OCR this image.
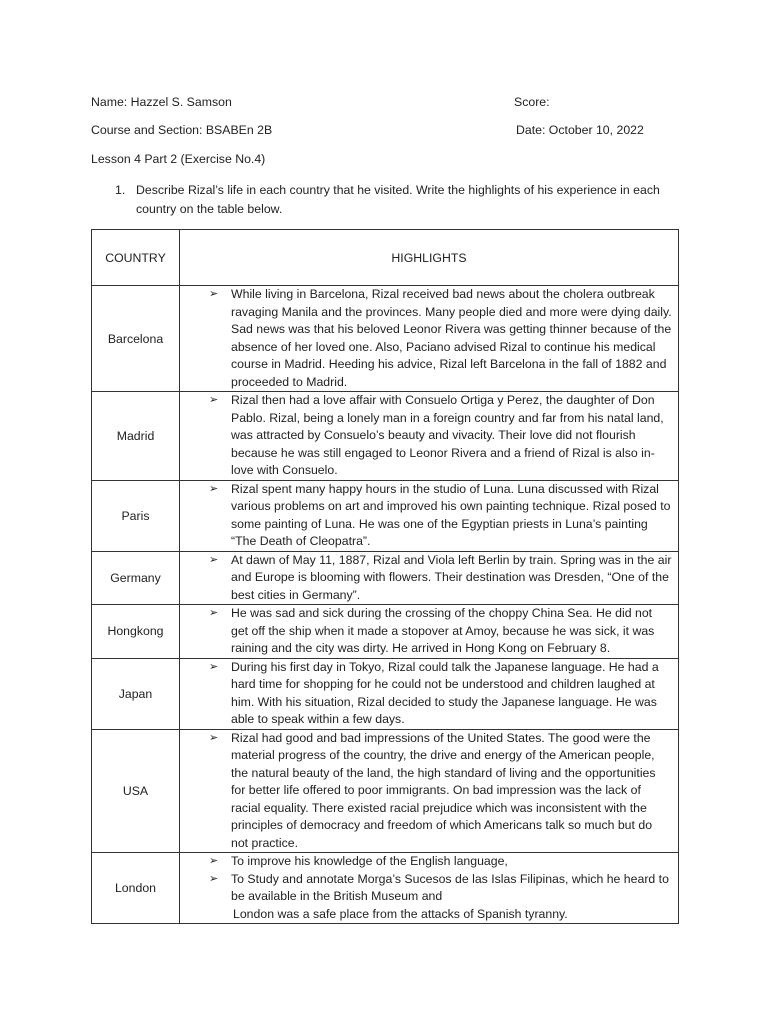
Name: Hazzel S. Samson	Score:
Course and Section: BSABEn 2B	Date: October 10, 2022
Lesson 4 Part 2 (Exercise No.4)
1. Describe Rizal’s life in each country that he visited. Write the highlights of his experience in each country on the table below.
COUNTRY	HIGHLIGHTS
Barcelona	➢ While living in Barcelona, Rizal received bad news about the cholera outbreak ravaging Manila and the provinces. Many people died and more were dying daily. Sad news was that his beloved Leonor Rivera was getting thinner because of the absence of her loved one. Also, Paciano advised Rizal to continue his medical course in Madrid. Heeding his advice, Rizal left Barcelona in the fall of 1882 and proceeded to Madrid.

Madrid	➢ Rizal then had a love affair with Consuelo Ortiga y Perez, the daughter of Don Pablo. Rizal, being a lonely man in a foreign country and far from his natal land, was attracted by Consuelo’s beauty and vivacity. Their love did not flourish because he was still engaged to Leonor Rivera and a friend of Rizal is also in-love with Consuelo.

Paris	➢ Rizal spent many happy hours in the studio of Luna. Luna discussed with Rizal various problems on art and improved his own painting technique. Rizal posed to some painting of Luna. He was one of the Egyptian priests in Luna’s painting “The Death of Cleopatra”.

Germany	➢ At dawn of May 11, 1887, Rizal and Viola left Berlin by train. Spring was in the air and Europe is blooming with flowers. Their destination was Dresden, “One of the best cities in Germany”.

Hongkong	➢ He was sad and sick during the crossing of the choppy China Sea. He did not get off the ship when it made a stopover at Amoy, because he was sick, it was raining and the city was dirty. He arrived in Hong Kong on February 8.

Japan	➢ During his first day in Tokyo, Rizal could talk the Japanese language. He had a hard time for shopping for he could not be understood and children laughed at him. With his situation, Rizal decided to study the Japanese language. He was able to speak within a few days.

USA	➢ Rizal had good and bad impressions of the United States. The good were the material progress of the country, the drive and energy of the American people, the natural beauty of the land, the high standard of living and the opportunities for better life offered to poor immigrants. On bad impression was the lack of racial equality. There existed racial prejudice which was inconsistent with the principles of democracy and freedom of which Americans talk so much but do not practice.

London	➢ To improve his knowledge of the English language,
➢ To Study and annotate Morga’s Sucesos de las Islas Filipinas, which he heard to be available in the British Museum and
London was a safe place from the attacks of Spanish tyranny.
